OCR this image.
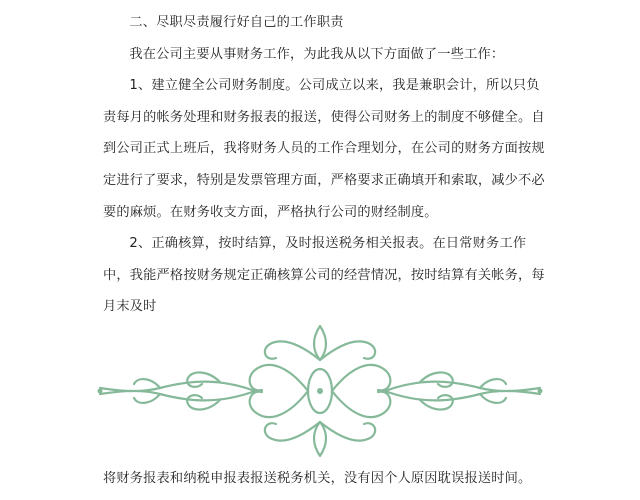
二、尽职尽责履行好自己的工作职责

我在公司主要从事财务工作，为此我从以下方面做了一些工作：

1、建立健全公司财务制度。公司成立以来，我是兼职会计，所以只负责每月的帐务处理和财务报表的报送，使得公司财务上的制度不够健全。自到公司正式上班后，我将财务人员的工作合理划分，在公司的财务方面按规定进行了要求，特别是发票管理方面，严格要求正确填开和索取，减少不必要的麻烦。在财务收支方面，严格执行公司的财经制度。

2、正确核算，按时结算，及时报送税务相关报表。在日常财务工作中，我能严格按财务规定正确核算公司的经营情况，按时结算有关帐务，每月末及时

将财务报表和纳税申报表报送税务机关，没有因个人原因耽误报送时间。
